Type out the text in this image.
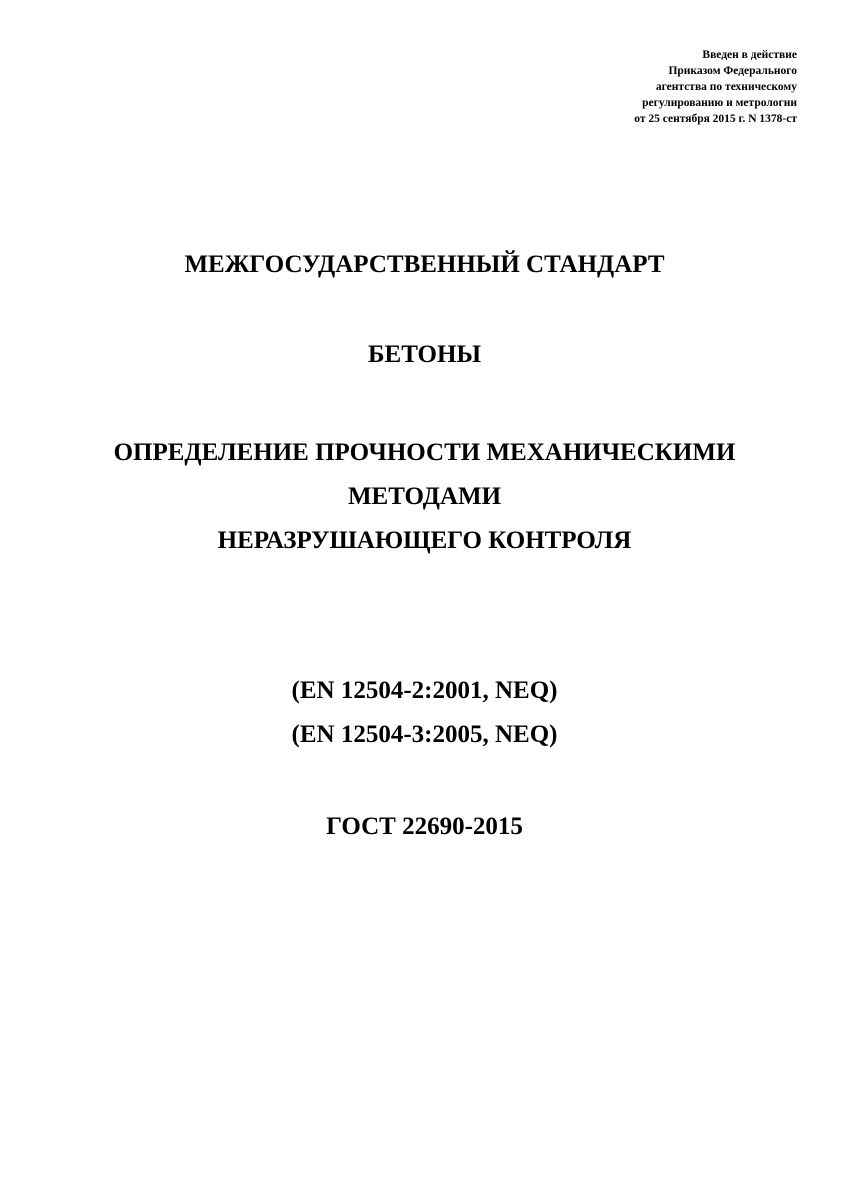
Введен в действие
Приказом Федерального
агентства по техническому
регулированию и метрологии
от 25 сентября 2015 г. N 1378-ст
МЕЖГОСУДАРСТВЕННЫЙ СТАНДАРТ
БЕТОНЫ
ОПРЕДЕЛЕНИЕ ПРОЧНОСТИ МЕХАНИЧЕСКИМИ
МЕТОДАМИ
НЕРАЗРУШАЮЩЕГО КОНТРОЛЯ
(EN 12504-2:2001, NEQ)
(EN 12504-3:2005, NEQ)
ГОСТ 22690-2015
